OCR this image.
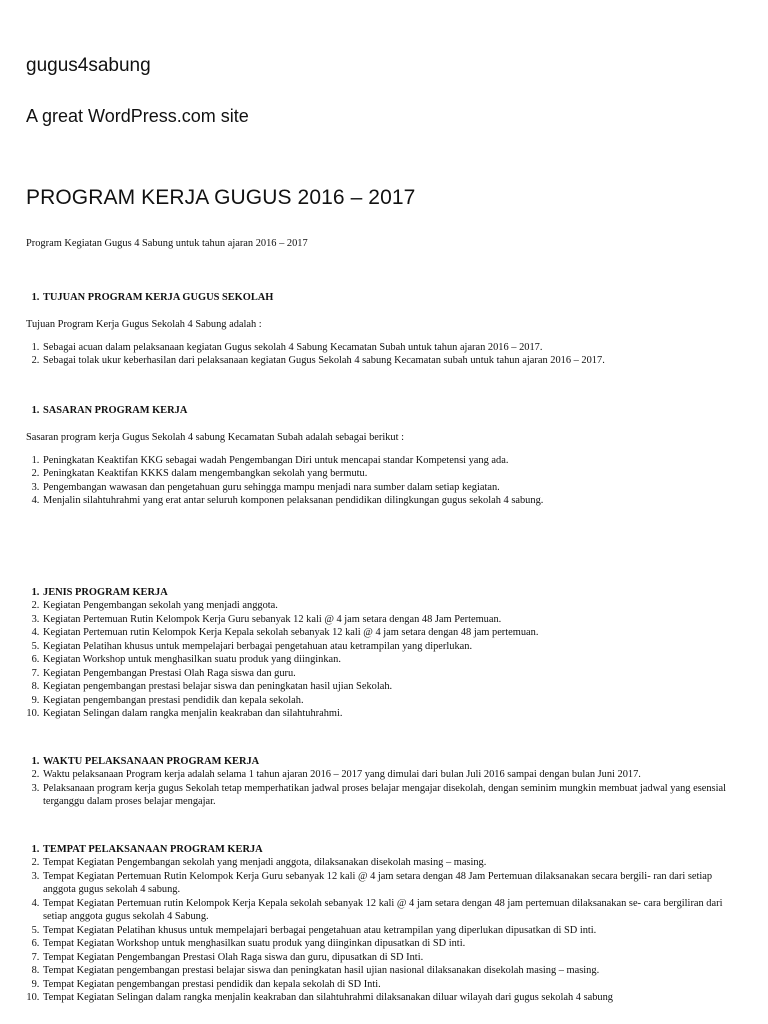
gugus4sabung
A great WordPress.com site
PROGRAM KERJA GUGUS 2016 – 2017

Program Kegiatan Gugus 4 Sabung untuk tahun ajaran 2016 – 2017

1. TUJUAN PROGRAM KERJA GUGUS SEKOLAH

Tujuan Program Kerja Gugus Sekolah 4 Sabung adalah :

1. Sebagai acuan dalam pelaksanaan kegiatan Gugus sekolah 4 Sabung Kecamatan Subah untuk tahun ajaran 2016 – 2017.
2. Sebagai tolak ukur keberhasilan dari pelaksanaan kegiatan Gugus Sekolah 4 sabung Kecamatan subah untuk tahun ajaran 2016 – 2017.
1. SASARAN PROGRAM KERJA

Sasaran program kerja Gugus Sekolah 4 sabung Kecamatan Subah adalah sebagai berikut :

1. Peningkatan Keaktifan KKG sebagai wadah Pengembangan Diri untuk mencapai standar Kompetensi yang ada.
2. Peningkatan Keaktifan KKKS dalam mengembangkan sekolah yang bermutu.
3. Pengembangan wawasan dan pengetahuan guru sehingga mampu menjadi nara sumber dalam setiap kegiatan.
4. Menjalin silahtuhrahmi yang erat antar seluruh komponen pelaksanan pendidikan dilingkungan gugus sekolah 4 sabung.
1. JENIS PROGRAM KERJA
2. Kegiatan Pengembangan sekolah yang menjadi anggota.
3. Kegiatan Pertemuan Rutin Kelompok Kerja Guru sebanyak 12 kali @ 4 jam setara dengan 48 Jam Pertemuan.
4. Kegiatan Pertemuan rutin Kelompok Kerja Kepala sekolah sebanyak 12 kali @ 4 jam setara dengan 48 jam pertemuan.
5. Kegiatan Pelatihan khusus untuk mempelajari berbagai pengetahuan atau ketrampilan yang diperlukan.
6. Kegiatan Workshop untuk menghasilkan suatu produk yang diinginkan.
7. Kegiatan Pengembangan Prestasi Olah Raga siswa dan guru.
8. Kegiatan pengembangan prestasi belajar siswa dan peningkatan hasil ujian Sekolah.
9. Kegiatan pengembangan prestasi pendidik dan kepala sekolah.
10. Kegiatan Selingan dalam rangka menjalin keakraban dan silahtuhrahmi.
1. WAKTU PELAKSANAAN PROGRAM KERJA
2. Waktu pelaksanaan Program kerja adalah selama 1 tahun ajaran 2016 – 2017 yang dimulai dari bulan Juli 2016 sampai dengan bulan Juni 2017.
3. Pelaksanaan program kerja gugus Sekolah tetap memperhatikan jadwal proses belajar mengajar disekolah, dengan seminim mungkin membuat jadwal yang esensial terganggu dalam proses belajar mengajar.
1. TEMPAT PELAKSANAAN PROGRAM KERJA
2. Tempat Kegiatan Pengembangan sekolah yang menjadi anggota, dilaksanakan disekolah masing – masing.
3. Tempat Kegiatan Pertemuan Rutin Kelompok Kerja Guru sebanyak 12 kali @ 4 jam setara dengan 48 Jam Pertemuan dilaksanakan secara bergili- ran dari setiap anggota gugus sekolah 4 sabung.
4. Tempat Kegiatan Pertemuan rutin Kelompok Kerja Kepala sekolah sebanyak 12 kali @ 4 jam setara dengan 48 jam pertemuan dilaksanakan se- cara bergiliran dari setiap anggota gugus sekolah 4 Sabung.
5. Tempat Kegiatan Pelatihan khusus untuk mempelajari berbagai pengetahuan atau ketrampilan yang diperlukan dipusatkan di SD inti.
6. Tempat Kegiatan Workshop untuk menghasilkan suatu produk yang diinginkan dipusatkan di SD inti.
7. Tempat Kegiatan Pengembangan Prestasi Olah Raga siswa dan guru, dipusatkan di SD Inti.
8. Tempat Kegiatan pengembangan prestasi belajar siswa dan peningkatan hasil ujian nasional dilaksanakan disekolah masing – masing.
9. Tempat Kegiatan pengembangan prestasi pendidik dan kepala sekolah di SD Inti.
10. Tempat Kegiatan Selingan dalam rangka menjalin keakraban dan silahtuhrahmi dilaksanakan diluar wilayah dari gugus sekolah 4 sabung
